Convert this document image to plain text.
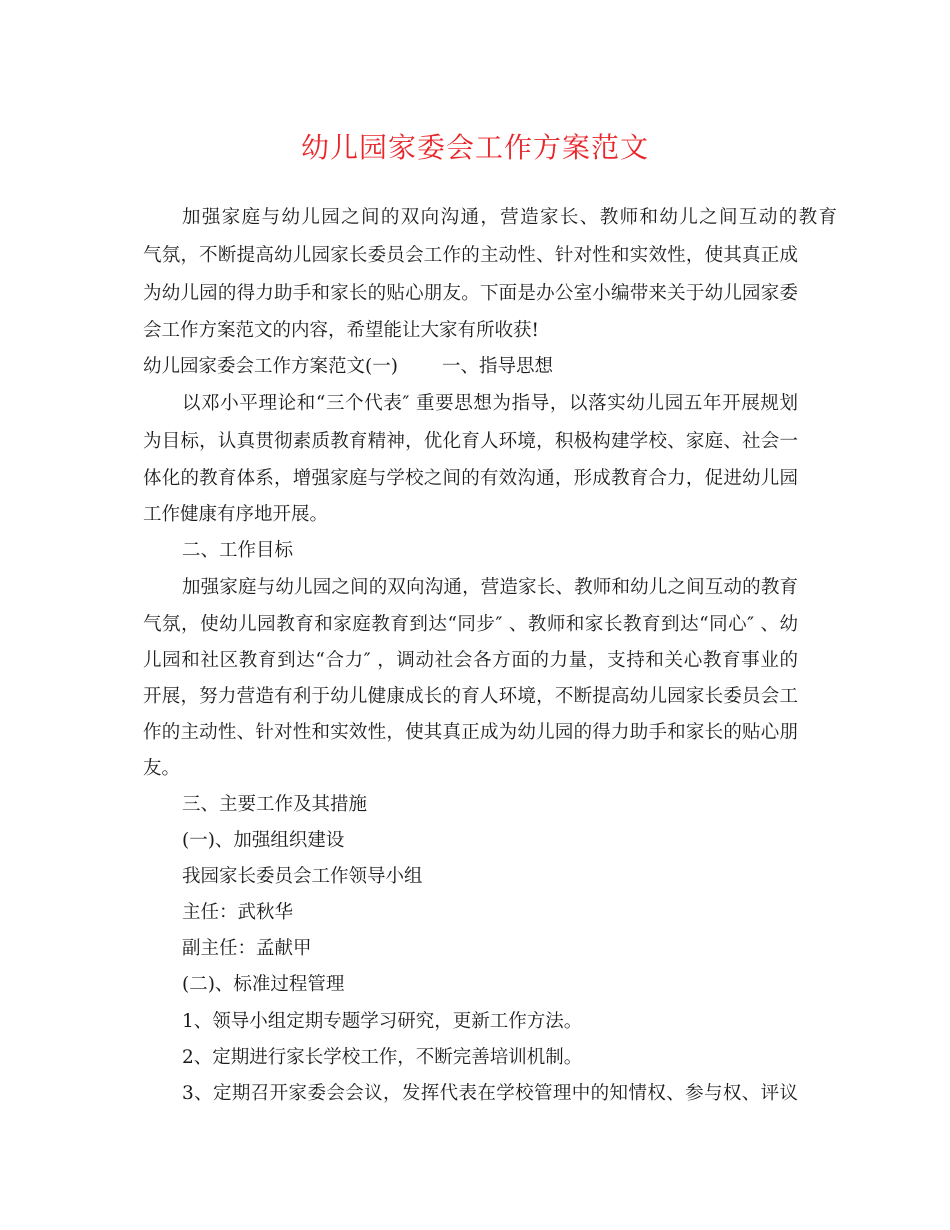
幼儿园家委会工作方案范文
加强家庭与幼儿园之间的双向沟通，营造家长、教师和幼儿之间互动的教育
气氛，不断提高幼儿园家长委员会工作的主动性、针对性和实效性，使其真正成
为幼儿园的得力助手和家长的贴心朋友。下面是办公室小编带来关于幼儿园家委
会工作方案范文的内容，希望能让大家有所收获!
幼儿园家委会工作方案范文(一) 一、指导思想
以邓小平理论和“三个代表″ 重要思想为指导，以落实幼儿园五年开展规划
为目标，认真贯彻素质教育精神，优化育人环境，积极构建学校、家庭、社会一
体化的教育体系，增强家庭与学校之间的有效沟通，形成教育合力，促进幼儿园
工作健康有序地开展。
二、工作目标
加强家庭与幼儿园之间的双向沟通，营造家长、教师和幼儿之间互动的教育
气氛，使幼儿园教育和家庭教育到达“同步″ 、教师和家长教育到达“同心″ 、幼
儿园和社区教育到达“合力″ ，调动社会各方面的力量，支持和关心教育事业的
开展，努力营造有利于幼儿健康成长的育人环境，不断提高幼儿园家长委员会工
作的主动性、针对性和实效性，使其真正成为幼儿园的得力助手和家长的贴心朋
友。
三、主要工作及其措施
(一)、加强组织建设
我园家长委员会工作领导小组
主任：武秋华
副主任：孟献甲
(二)、标准过程管理
1、领导小组定期专题学习研究，更新工作方法。
2、定期进行家长学校工作，不断完善培训机制。
3、定期召开家委会会议，发挥代表在学校管理中的知情权、参与权、评议
